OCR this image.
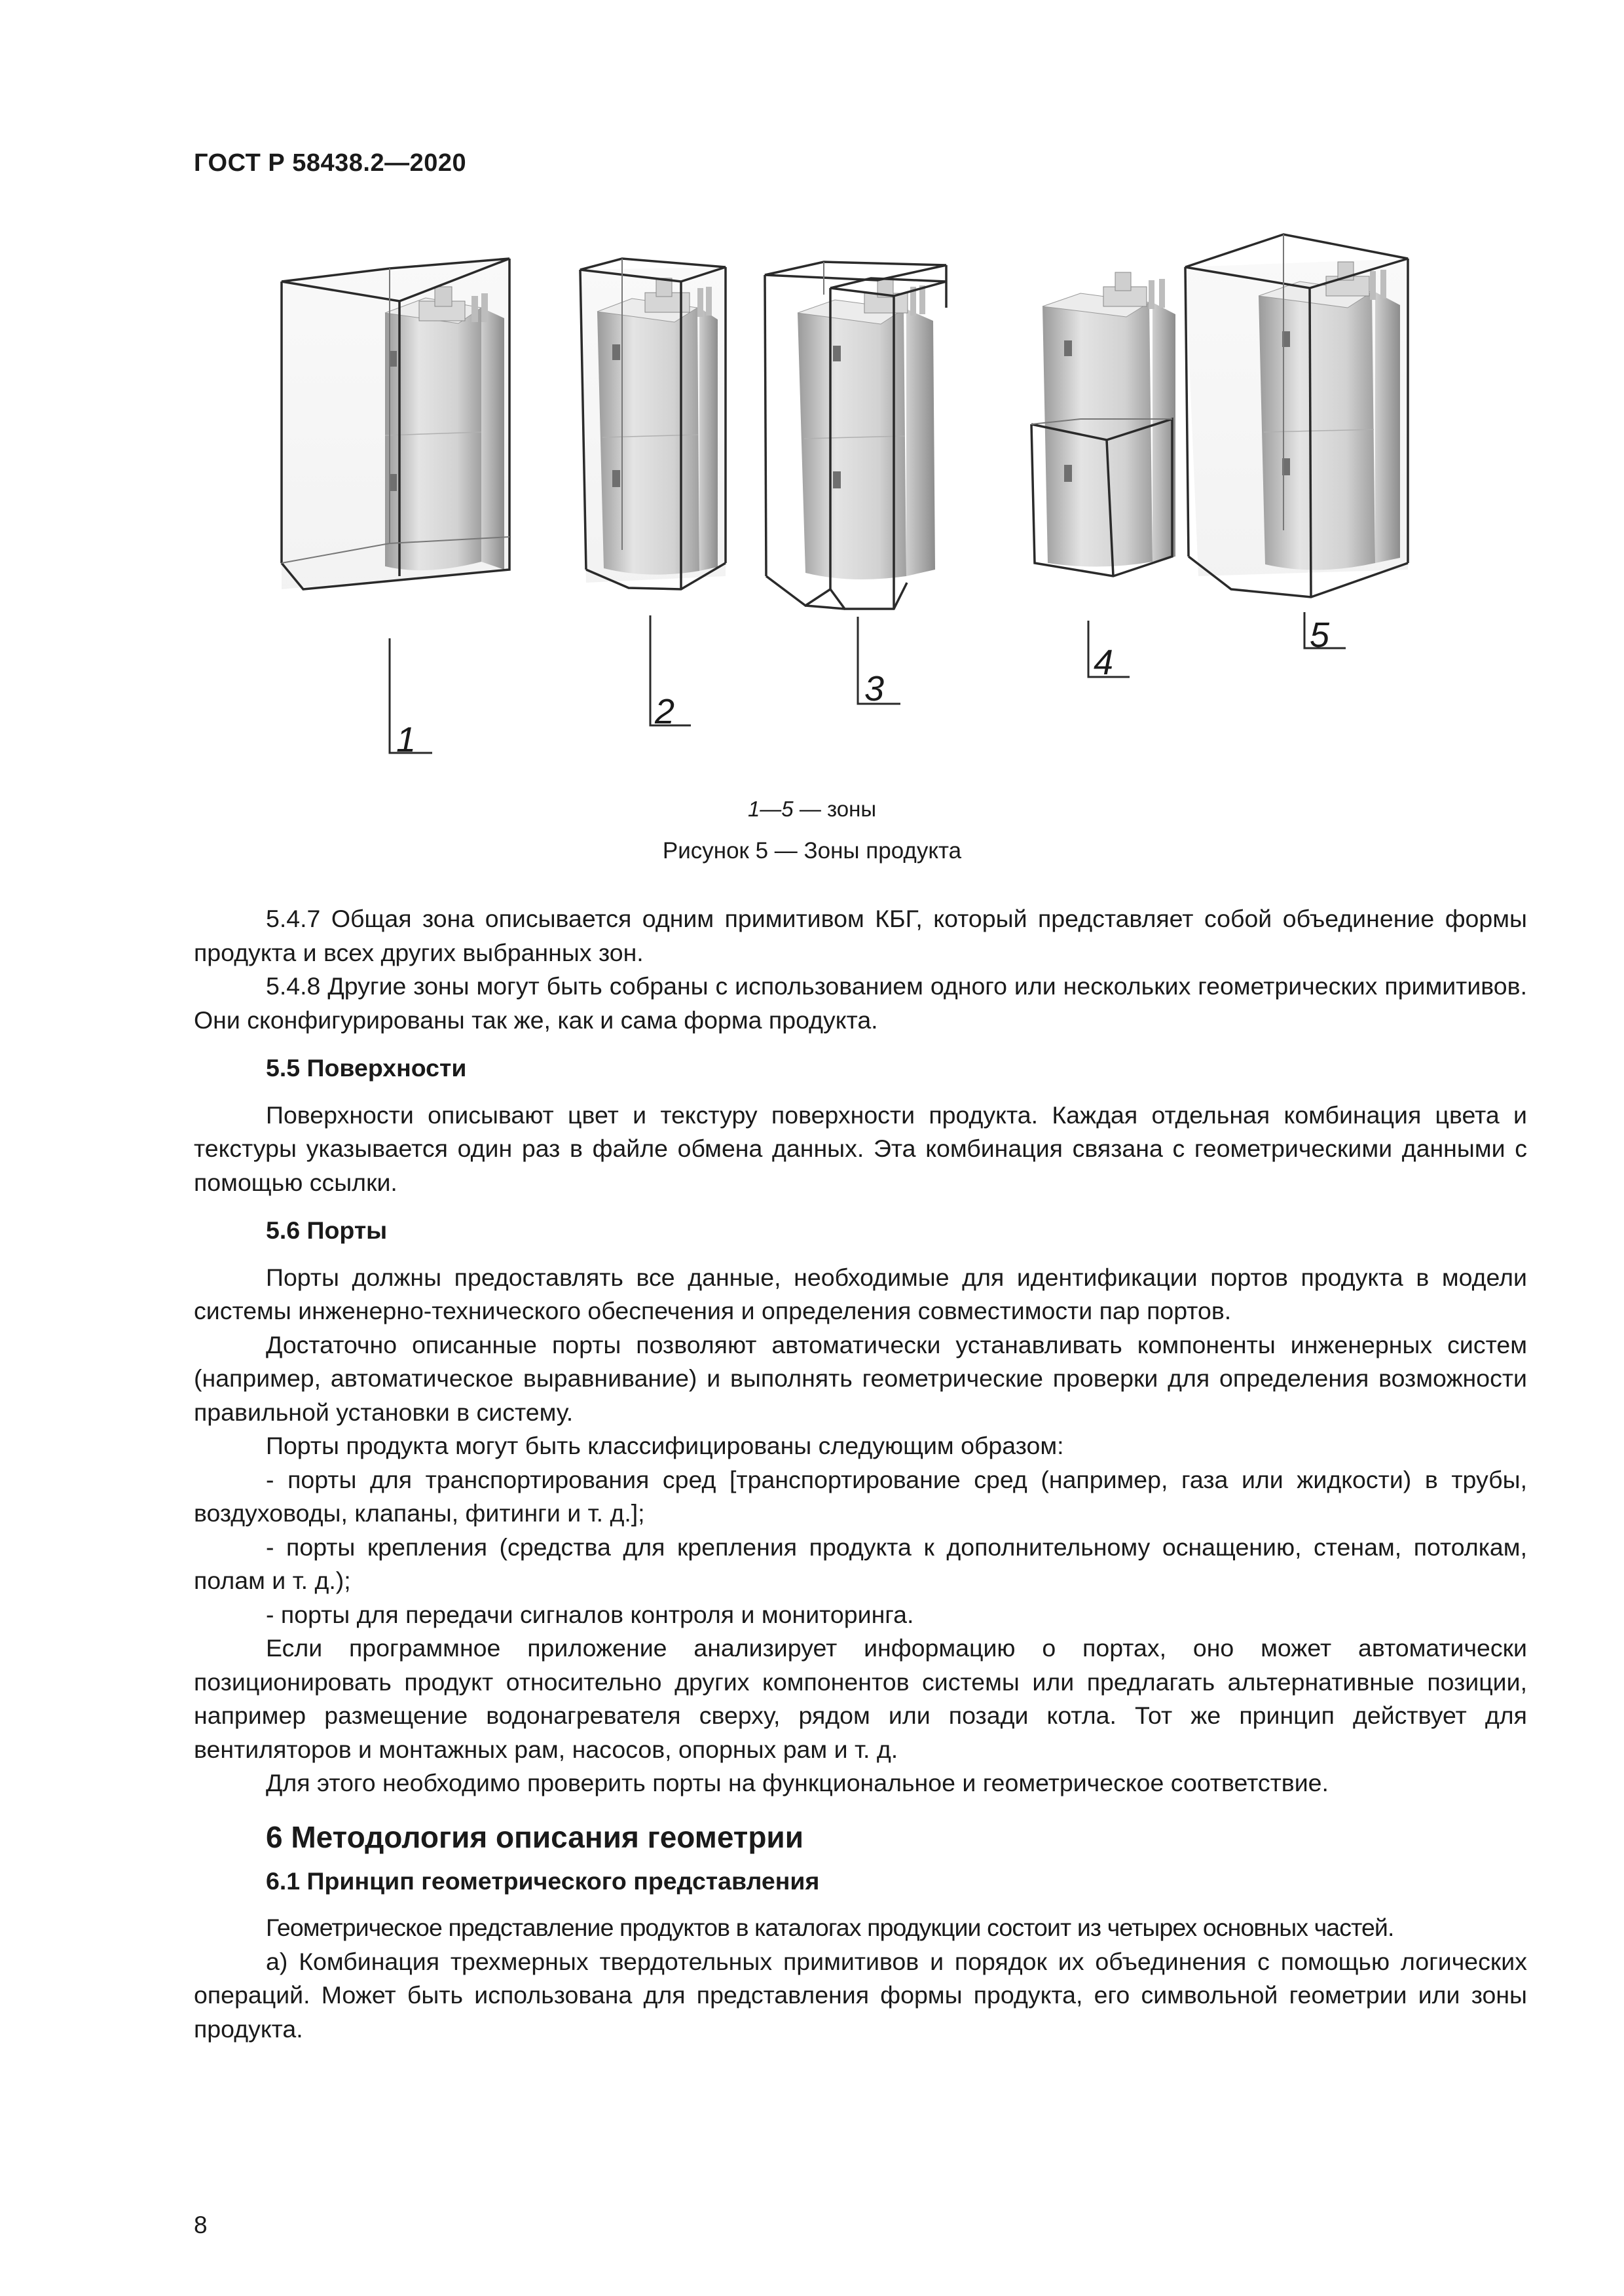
ГОСТ Р 58438.2—2020
1
2
3
4
5
1—5 — зоны
Рисунок 5 — Зоны продукта

5.4.7 Общая зона описывается одним примитивом КБГ, который представляет собой объединение формы продукта и всех других выбранных зон.

5.4.8 Другие зоны могут быть собраны с использованием одного или нескольких геометрических примитивов. Они сконфигурированы так же, как и сама форма продукта.

5.5 Поверхности

Поверхности описывают цвет и текстуру поверхности продукта. Каждая отдельная комбинация цвета и текстуры указывается один раз в файле обмена данных. Эта комбинация связана с геометрическими данными с помощью ссылки.

5.6 Порты

Порты должны предоставлять все данные, необходимые для идентификации портов продукта в модели системы инженерно-технического обеспечения и определения совместимости пар портов.

Достаточно описанные порты позволяют автоматически устанавливать компоненты инженерных систем (например, автоматическое выравнивание) и выполнять геометрические проверки для определения возможности правильной установки в систему.

Порты продукта могут быть классифицированы следующим образом:

- порты для транспортирования сред [транспортирование сред (например, газа или жидкости) в трубы, воздуховоды, клапаны, фитинги и т. д.];

- порты крепления (средства для крепления продукта к дополнительному оснащению, стенам, потолкам, полам и т. д.);

- порты для передачи сигналов контроля и мониторинга.

Если программное приложение анализирует информацию о портах, оно может автоматически позиционировать продукт относительно других компонентов системы или предлагать альтернативные позиции, например размещение водонагревателя сверху, рядом или позади котла. Тот же принцип действует для вентиляторов и монтажных рам, насосов, опорных рам и т. д.

Для этого необходимо проверить порты на функциональное и геометрическое соответствие.

6 Методология описания геометрии
6.1 Принцип геометрического представления

Геометрическое представление продуктов в каталогах продукции состоит из четырех основных частей.

а) Комбинация трехмерных твердотельных примитивов и порядок их объединения с помощью логических операций. Может быть использована для представления формы продукта, его символьной геометрии или зоны продукта.

8
